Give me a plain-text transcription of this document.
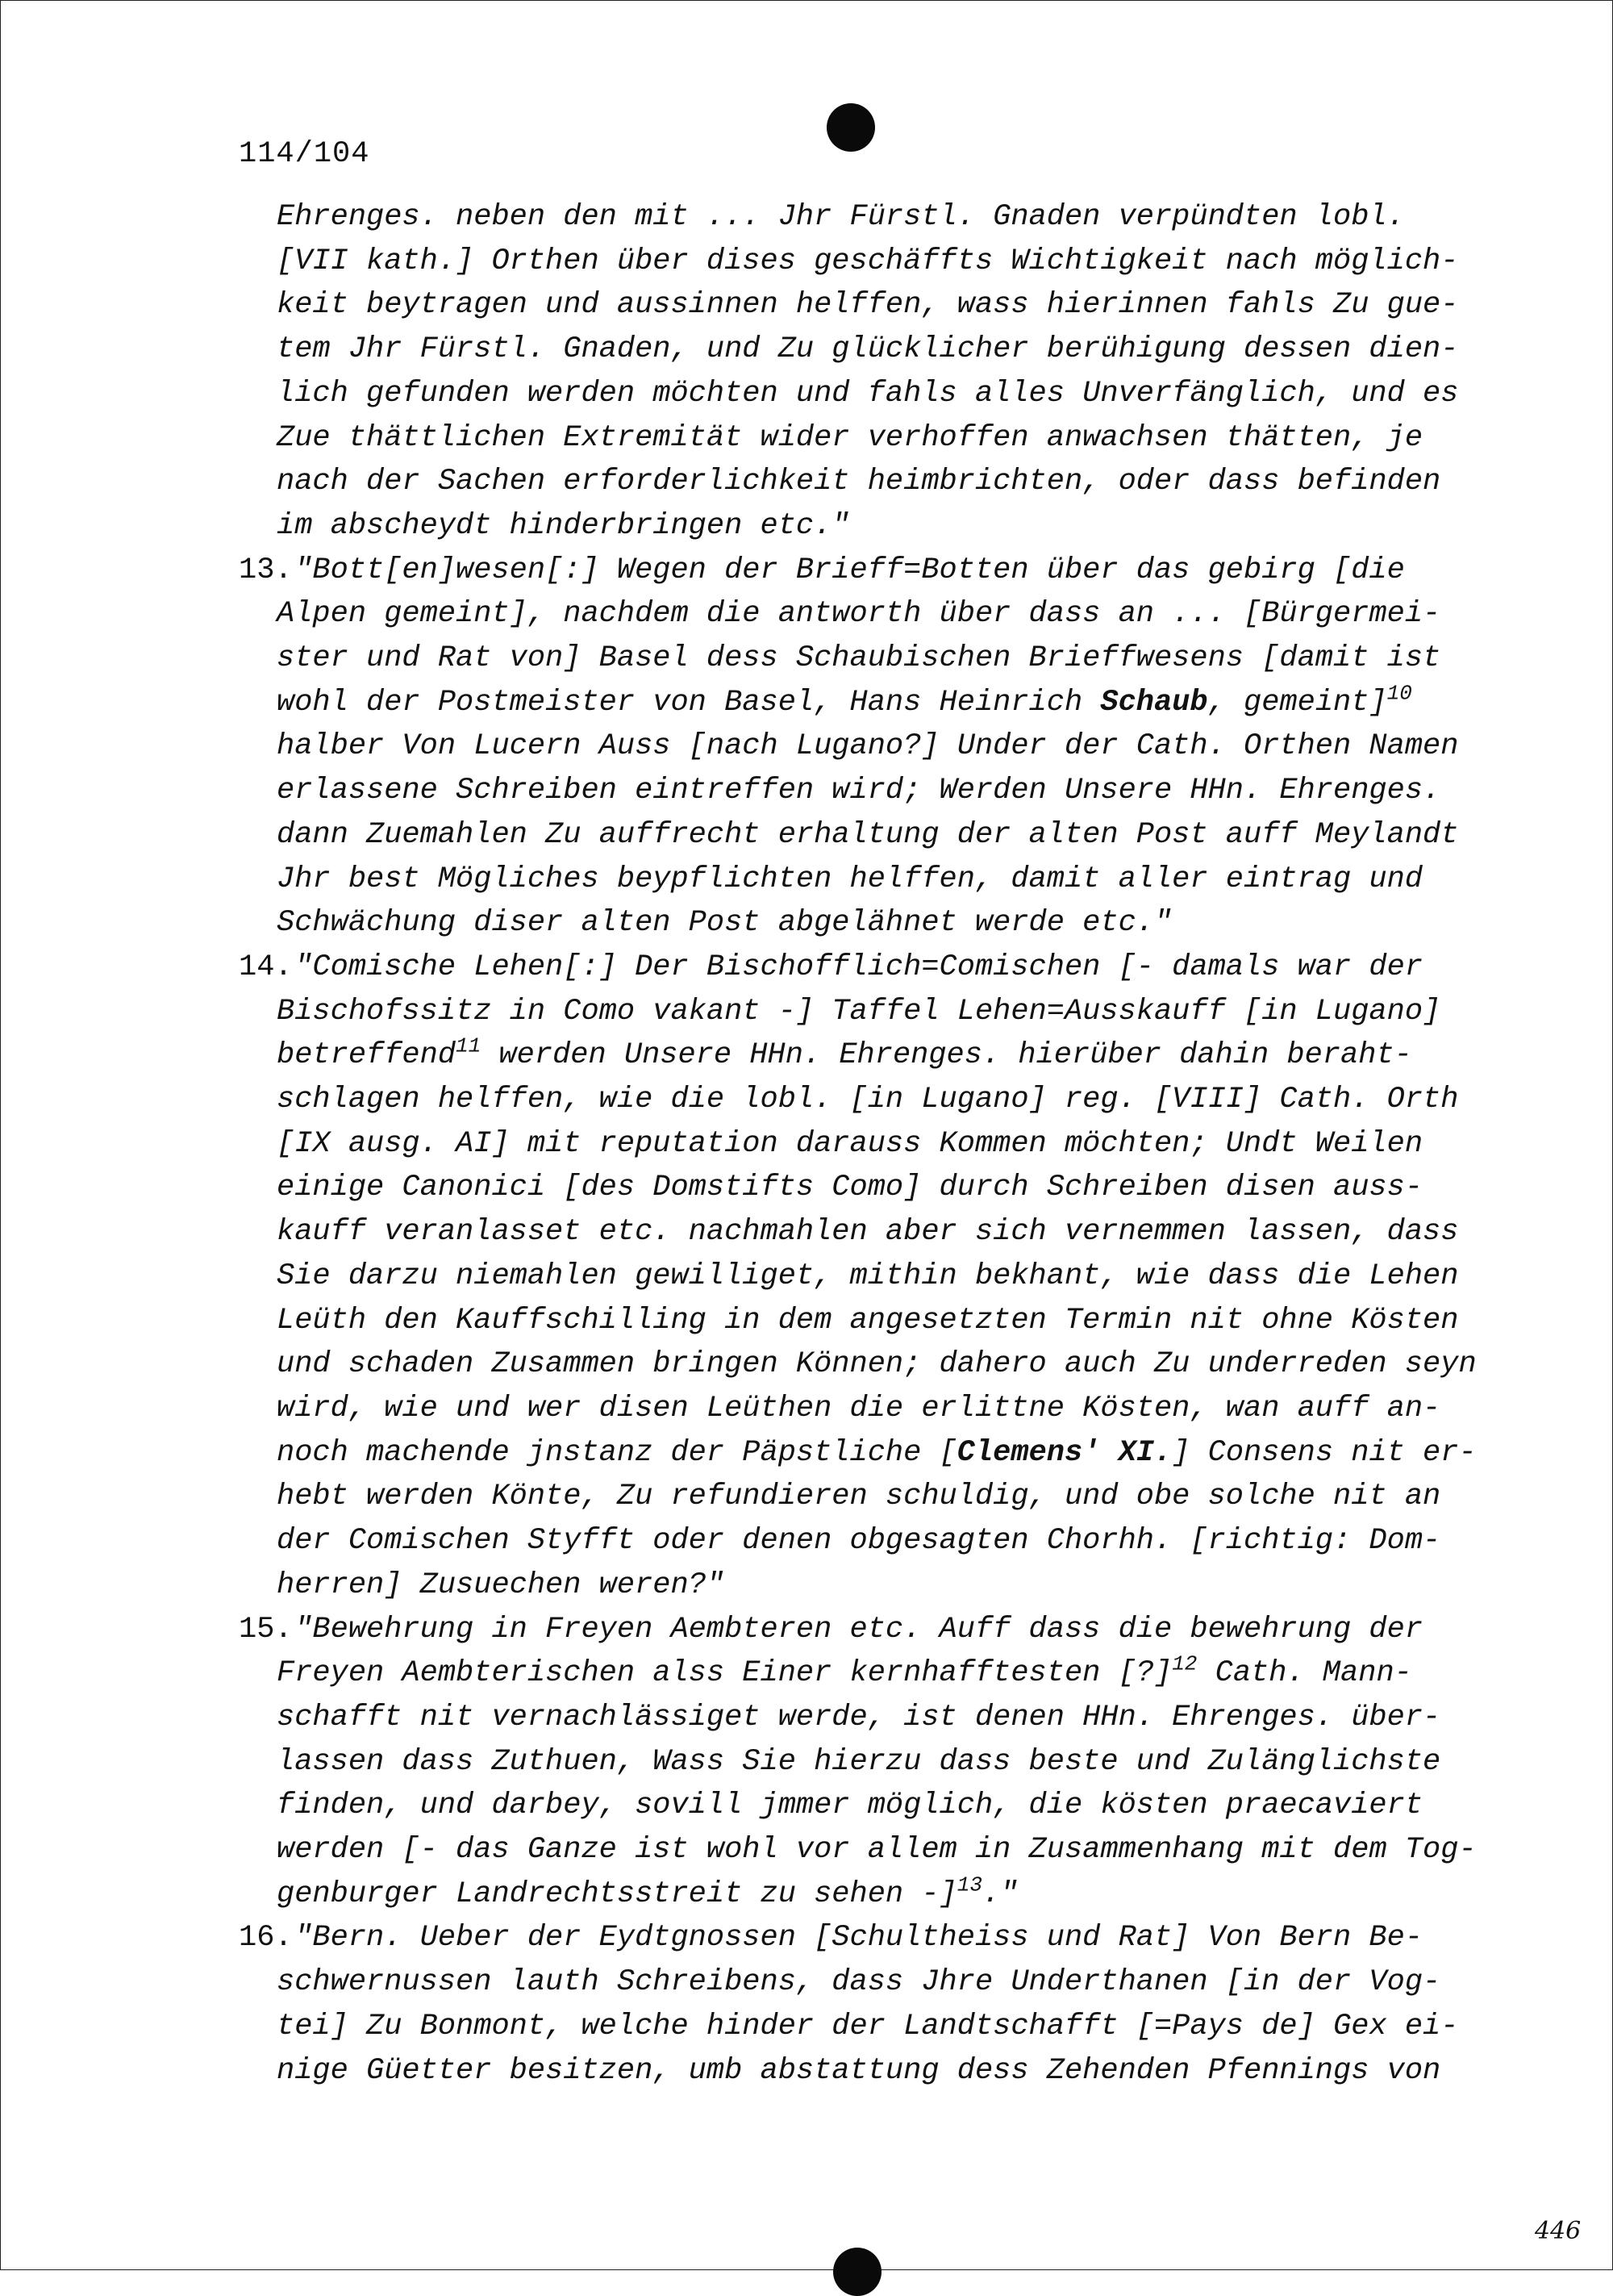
114/104
Ehrenges. neben den mit ... Jhr Fürstl. Gnaden verpündten lobl.
[VII kath.] Orthen über dises geschäffts Wichtigkeit nach möglich-
keit beytragen und aussinnen helffen, wass hierinnen fahls Zu gue-
tem Jhr Fürstl. Gnaden, und Zu glücklicher berühigung dessen dien-
lich gefunden werden möchten und fahls alles Unverfänglich, und es
Zue thättlichen Extremität wider verhoffen anwachsen thätten, je
nach der Sachen erforderlichkeit heimbrichten, oder dass befinden
im abscheydt hinderbringen etc."
13. "Bott[en]wesen[:] Wegen der Brieff=Botten über das gebirg [die
Alpen gemeint], nachdem die antworth über dass an ... [Bürgermei-
ster und Rat von] Basel dess Schaubischen Brieffwesens [damit ist
wohl der Postmeister von Basel, Hans Heinrich Schaub, gemeint]$^{10}$
halber Von Lucern Auss [nach Lugano?] Under der Cath. Orthen Namen
erlassene Schreiben eintreffen wird; Werden Unsere HHn. Ehrenges.
dann Zuemahlen Zu auffrecht erhaltung der alten Post auff Meylandt
Jhr best Mögliches beypflichten helffen, damit aller eintrag und
Schwächung diser alten Post abgelähnet werde etc."
14. "Comische Lehen[:] Der Bischofflich=Comischen [- damals war der
Bischofssitz in Como vakant -] Taffel Lehen=Ausskauff [in Lugano]
betreffend$^{11}$ werden Unsere HHn. Ehrenges. hierüber dahin beraht-
schlagen helffen, wie die lobl. [in Lugano] reg. [VIII] Cath. Orth
[IX ausg. AI] mit reputation darauss Kommen möchten; Undt Weilen
einige Canonici [des Domstifts Como] durch Schreiben disen auss-
kauff veranlasset etc. nachmahlen aber sich vernemmen lassen, dass
Sie darzu niemahlen gewilliget, mithin bekhant, wie dass die Lehen
Leüth den Kauffschilling in dem angesetzten Termin nit ohne Kösten
und schaden Zusammen bringen Können; dahero auch Zu underreden seyn
wird, wie und wer disen Leüthen die erlittne Kösten, wan auff an-
noch machende jnstanz der Päpstliche [Clemens' XI.] Consens nit er-
hebt werden Könte, Zu refundieren schuldig, und obe solche nit an
der Comischen Styfft oder denen obgesagten Chorhh. [richtig: Dom-
herren] Zusuechen weren?"
15. "Bewehrung in Freyen Aembteren etc. Auff dass die bewehrung der
Freyen Aembterischen alss Einer kernhafftesten [?]$^{12}$ Cath. Mann-
schafft nit vernachlässiget werde, ist denen HHn. Ehrenges. über-
lassen dass Zuthuen, Wass Sie hierzu dass beste und Zulänglichste
finden, und darbey, sovill jmmer möglich, die kösten praecaviert
werden [- das Ganze ist wohl vor allem in Zusammenhang mit dem Tog-
genburger Landrechtsstreit zu sehen -]$^{13}$."
16. "Bern. Ueber der Eydtgnossen [Schultheiss und Rat] Von Bern Be-
schwernussen lauth Schreibens, dass Jhre Underthanen [in der Vog-
tei] Zu Bonmont, welche hinder der Landtschafft [=Pays de] Gex ei-
nige Güetter besitzen, umb abstattung dess Zehenden Pfennings von
446
